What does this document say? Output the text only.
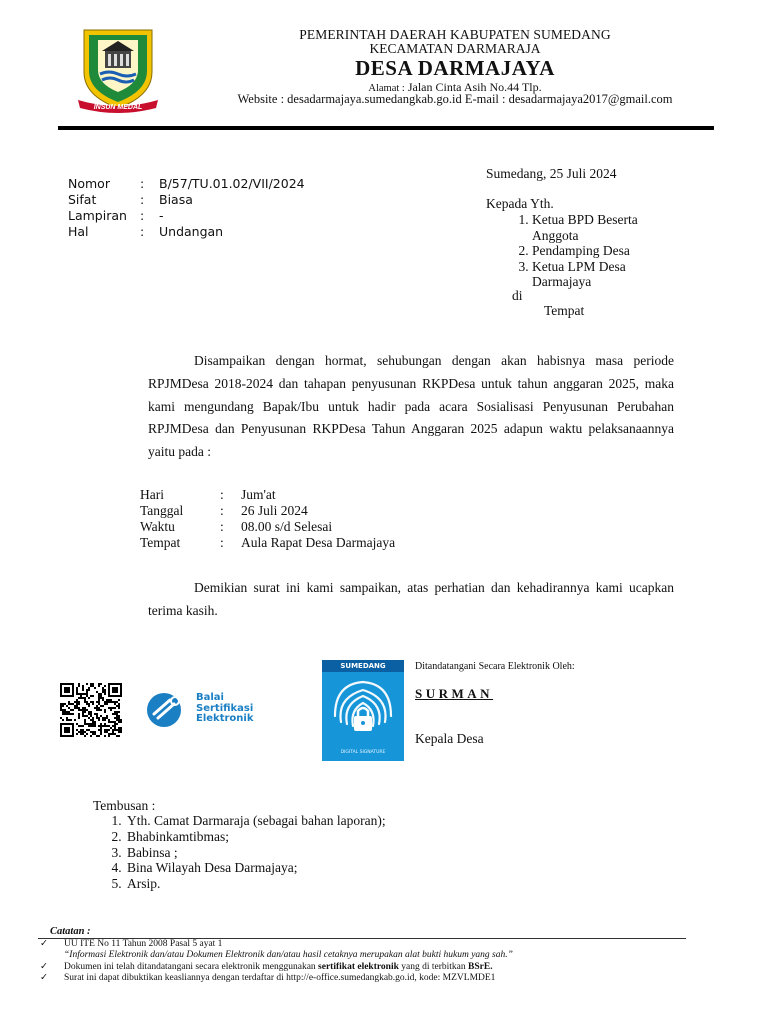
INSUN MEDAL
PEMERINTAH DAERAH KABUPATEN SUMEDANG
KECAMATAN DARMARAJA
DESA DARMAJAYA
Alamat : Jalan Cinta Asih No.44 Tlp.
Website : desadarmajaya.sumedangkab.go.id E-mail : desadarmajaya2017@gmail.com
Nomor	:	B/57/TU.01.02/VII/2024
Sifat	:	Biasa
Lampiran	:	-
Hal	:	Undangan
Sumedang, 25 Juli 2024
Kepada Yth.
1. Ketua BPD Beserta Anggota
2. Pendamping Desa
3. Ketua LPM Desa Darmajaya
di
Tempat

Disampaikan dengan hormat, sehubungan dengan akan habisnya masa periode RPJMDesa 2018-2024 dan tahapan penyusunan RKPDesa untuk tahun anggaran 2025, maka kami mengundang Bapak/Ibu untuk hadir pada acara Sosialisasi Penyusunan Perubahan RPJMDesa dan Penyusunan RKPDesa Tahun Anggaran 2025 adapun waktu pelaksanaannya yaitu pada :

Hari	:	Jum'at
Tanggal	:	26 Juli 2024
Waktu	:	08.00 s/d Selesai
Tempat	:	Aula Rapat Desa Darmajaya

Demikian surat ini kami sampaikan, atas perhatian dan kehadirannya kami ucapkan terima kasih.

Balai
Sertifikasi
Elektronik
SUMEDANG
DIGITAL SIGNATURE
Ditandatangani Secara Elektronik Oleh:
SURMAN
Kepala Desa
Tembusan :
1. Yth. Camat Darmaraja (sebagai bahan laporan);
2. Bhabinkamtibmas;
3. Babinsa ;
4. Bina Wilayah Desa Darmajaya;
5. Arsip.
Catatan :
✓ UU ITE No 11 Tahun 2008 Pasal 5 ayat 1
“Informasi Elektronik dan/atau Dokumen Elektronik dan/atau hasil cetaknya merupakan alat bukti hukum yang sah.”
✓ Dokumen ini telah ditandatangani secara elektronik menggunakan sertifikat elektronik yang di terbitkan BSrE.
✓ Surat ini dapat dibuktikan keasliannya dengan terdaftar di http://e-office.sumedangkab.go.id, kode: MZVLMDE1
